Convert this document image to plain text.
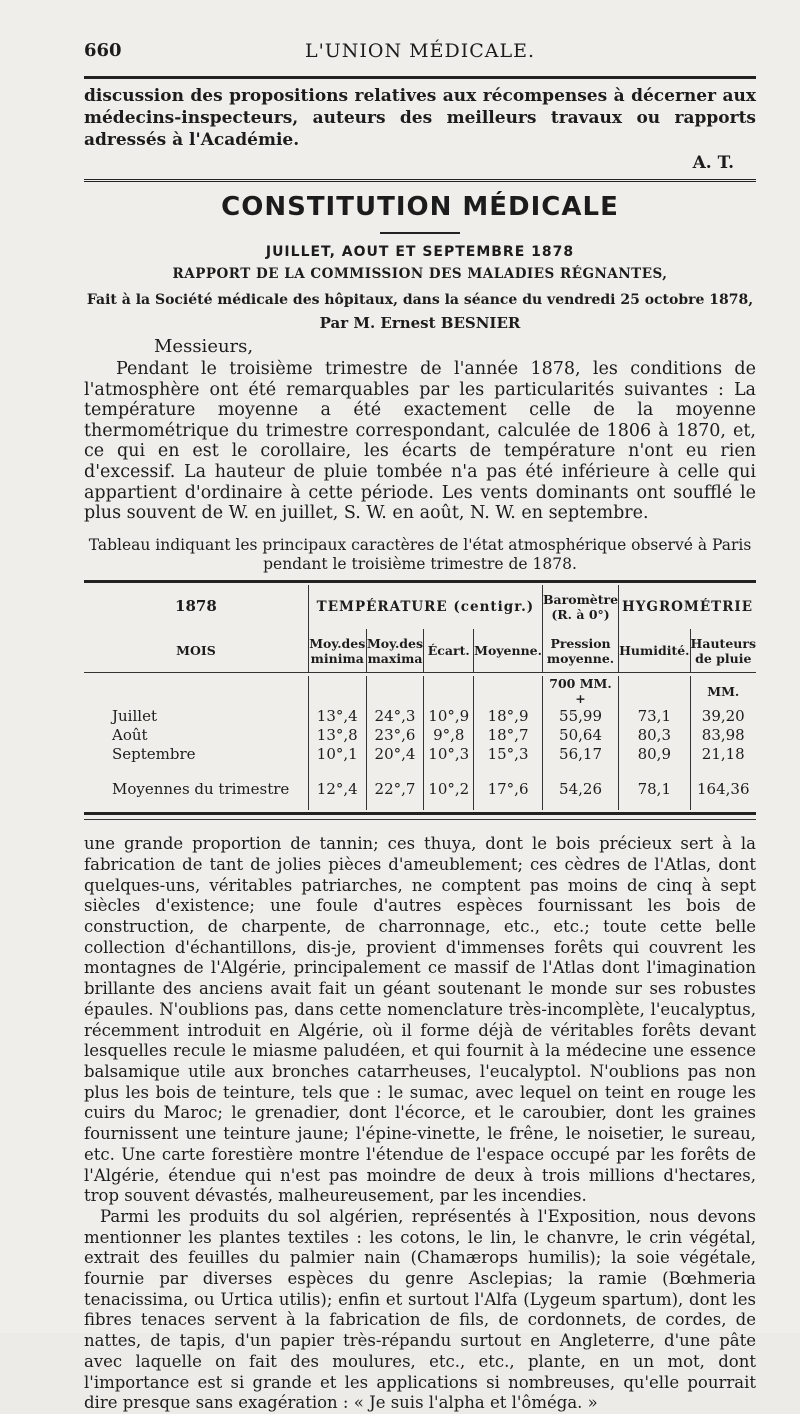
660	L'UNION MÉDICALE.

discussion des propositions relatives aux récompenses à décerner aux médecins-inspecteurs, auteurs des meilleurs travaux ou rapports adressés à l'Académie.

A. T.
CONSTITUTION MÉDICALE
JUILLET, AOUT ET SEPTEMBRE 1878
RAPPORT DE LA COMMISSION DES MALADIES RÉGNANTES,
Fait à la Société médicale des hôpitaux, dans la séance du vendredi 25 octobre 1878,
Par M. Ernest BESNIER

Messieurs,

Pendant le troisième trimestre de l'année 1878, les conditions de l'atmosphère ont été remarquables par les particularités suivantes : La température moyenne a été exactement celle de la moyenne thermométrique du trimestre correspondant, calculée de 1806 à 1870, et, ce qui en est le corollaire, les écarts de température n'ont eu rien d'excessif. La hauteur de pluie tombée n'a pas été inférieure à celle qui appartient d'ordinaire à cette période. Les vents dominants ont soufflé le plus souvent de W. en juillet, S. W. en août, N. W. en septembre.

Tableau indiquant les principaux caractères de l'état atmosphérique observé à Paris pendant le troisième trimestre de 1878.

1878	TEMPÉRATURE (centigr.)				Baromètre (R. à 0°)	HYGROMÉTRIE	
MOIS	Moy.des minima	Moy.des maxima	Écart.	Moyenne.	Pression moyenne.	Humidité.	Hauteurs de pluie

					700 MM. +		MM.
Juillet	13°,4	24°,3	10°,9	18°,9	55,99	73,1	39,20
Août	13°,8	23°,6	9°,8	18°,7	50,64	80,3	83,98
Septembre	10°,1	20°,4	10°,3	15°,3	56,17	80,9	21,18

Moyennes du trimestre	12°,4	22°,7	10°,2	17°,6	54,26	78,1	164,36

une grande proportion de tannin; ces thuya, dont le bois précieux sert à la fabrication de tant de jolies pièces d'ameublement; ces cèdres de l'Atlas, dont quelques-uns, véritables patriarches, ne comptent pas moins de cinq à sept siècles d'existence; une foule d'autres espèces fournissant les bois de construction, de charpente, de charronnage, etc., etc.; toute cette belle collection d'échantillons, dis-je, provient d'immenses forêts qui couvrent les montagnes de l'Algérie, principalement ce massif de l'Atlas dont l'imagination brillante des anciens avait fait un géant soutenant le monde sur ses robustes épaules. N'oublions pas, dans cette nomenclature très-incomplète, l'eucalyptus, récemment introduit en Algérie, où il forme déjà de véritables forêts devant lesquelles recule le miasme paludéen, et qui fournit à la médecine une essence balsamique utile aux bronches catarrheuses, l'eucalyptol. N'oublions pas non plus les bois de teinture, tels que : le sumac, avec lequel on teint en rouge les cuirs du Maroc; le grenadier, dont l'écorce, et le caroubier, dont les graines fournissent une teinture jaune; l'épine-vinette, le frêne, le noisetier, le sureau, etc. Une carte forestière montre l'étendue de l'espace occupé par les forêts de l'Algérie, étendue qui n'est pas moindre de deux à trois millions d'hectares, trop souvent dévastés, malheureusement, par les incendies.

Parmi les produits du sol algérien, représentés à l'Exposition, nous devons mentionner les plantes textiles : les cotons, le lin, le chanvre, le crin végétal, extrait des feuilles du palmier nain (Chamærops humilis); la soie végétale, fournie par diverses espèces du genre Asclepias; la ramie (Bœhmeria tenacissima, ou Urtica utilis); enfin et surtout l'Alfa (Lygeum spartum), dont les fibres tenaces servent à la fabrication de fils, de cordonnets, de cordes, de nattes, de tapis, d'un papier très-répandu surtout en Angleterre, d'une pâte avec laquelle on fait des moulures, etc., etc., plante, en un mot, dont l'importance est si grande et les applications si nombreuses, qu'elle pourrait dire presque sans exagération : « Je suis l'alpha et l'ôméga. »
